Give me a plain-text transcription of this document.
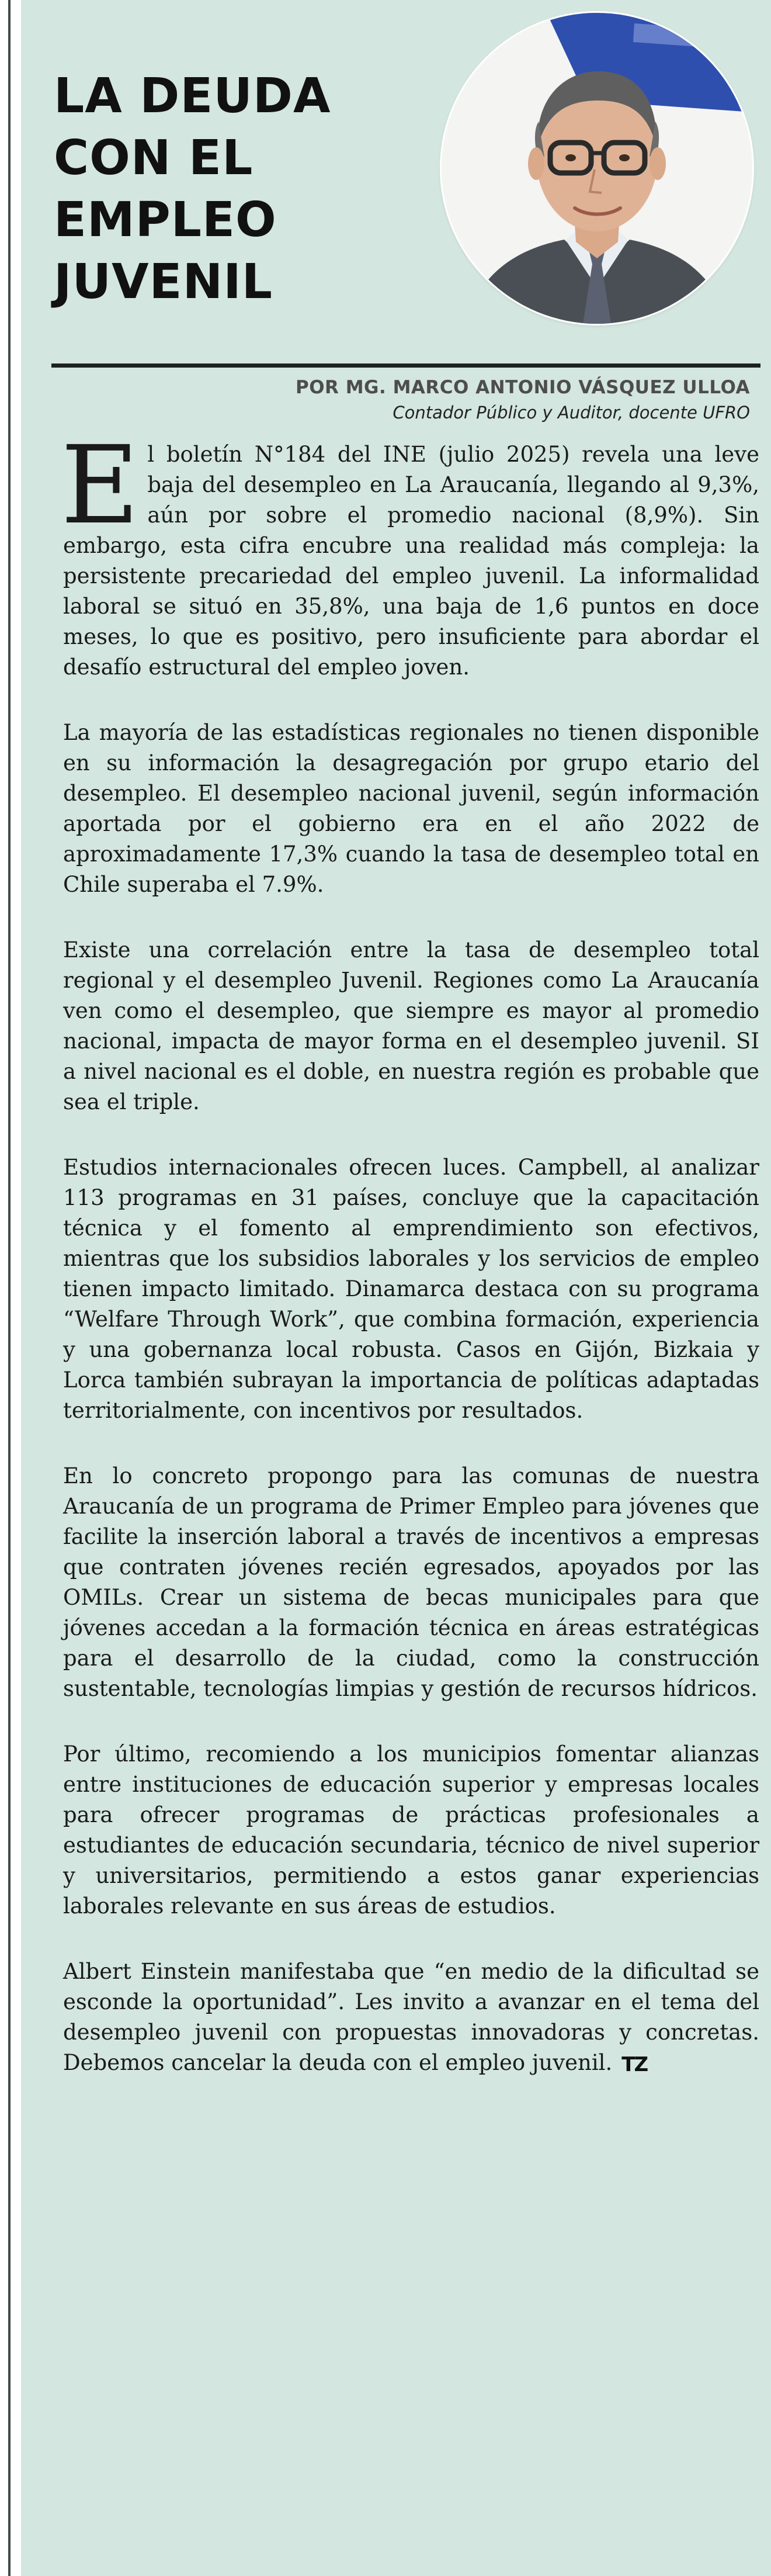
LA DEUDA CON EL EMPLEO JUVENIL
POR MG. MARCO ANTONIO VÁSQUEZ ULLOA
Contador Público y Auditor, docente UFRO

El boletín N°184 del INE (julio 2025) revela una leve baja del desempleo en La Araucanía, llegando al 9,3%, aún por sobre el promedio nacional (8,9%). Sin embargo, esta cifra encubre una realidad más compleja: la persistente precariedad del empleo juvenil. La informalidad laboral se situó en 35,8%, una baja de 1,6 puntos en doce meses, lo que es positivo, pero insuficiente para abordar el desafío estructural del empleo joven.

La mayoría de las estadísticas regionales no tienen disponible en su información la desagregación por grupo etario del desempleo. El desempleo nacional juvenil, según información aportada por el gobierno era en el año 2022 de aproximadamente 17,3% cuando la tasa de desempleo total en Chile superaba el 7.9%.

Existe una correlación entre la tasa de desempleo total regional y el desempleo Juvenil. Regiones como La Araucanía ven como el desempleo, que siempre es mayor al promedio nacional, impacta de mayor forma en el desempleo juvenil. SI a nivel nacional es el doble, en nuestra región es probable que sea el triple.

Estudios internacionales ofrecen luces. Campbell, al analizar 113 programas en 31 países, concluye que la capacitación técnica y el fomento al emprendimiento son efectivos, mientras que los subsidios laborales y los servicios de empleo tienen impacto limitado. Dinamarca destaca con su programa “Welfare Through Work”, que combina formación, experiencia y una gobernanza local robusta. Casos en Gijón, Bizkaia y Lorca también subrayan la importancia de políticas adaptadas territorialmente, con incentivos por resultados.

En lo concreto propongo para las comunas de nuestra Araucanía de un programa de Primer Empleo para jóvenes que facilite la inserción laboral a través de incentivos a empresas que contraten jóvenes recién egresados, apoyados por las OMILs. Crear un sistema de becas municipales para que jóvenes accedan a la formación técnica en áreas estratégicas para el desarrollo de la ciudad, como la construcción sustentable, tecnologías limpias y gestión de recursos hídricos.

Por último, recomiendo a los municipios fomentar alianzas entre instituciones de educación superior y empresas locales para ofrecer programas de prácticas profesionales a estudiantes de educación secundaria, técnico de nivel superior y universitarios, permitiendo a estos ganar experiencias laborales relevante en sus áreas de estudios.

Albert Einstein manifestaba que “en medio de la dificultad se esconde la oportunidad”. Les invito a avanzar en el tema del desempleo juvenil con propuestas innovadoras y concretas. Debemos cancelar la deuda con el empleo juvenil. TZ
